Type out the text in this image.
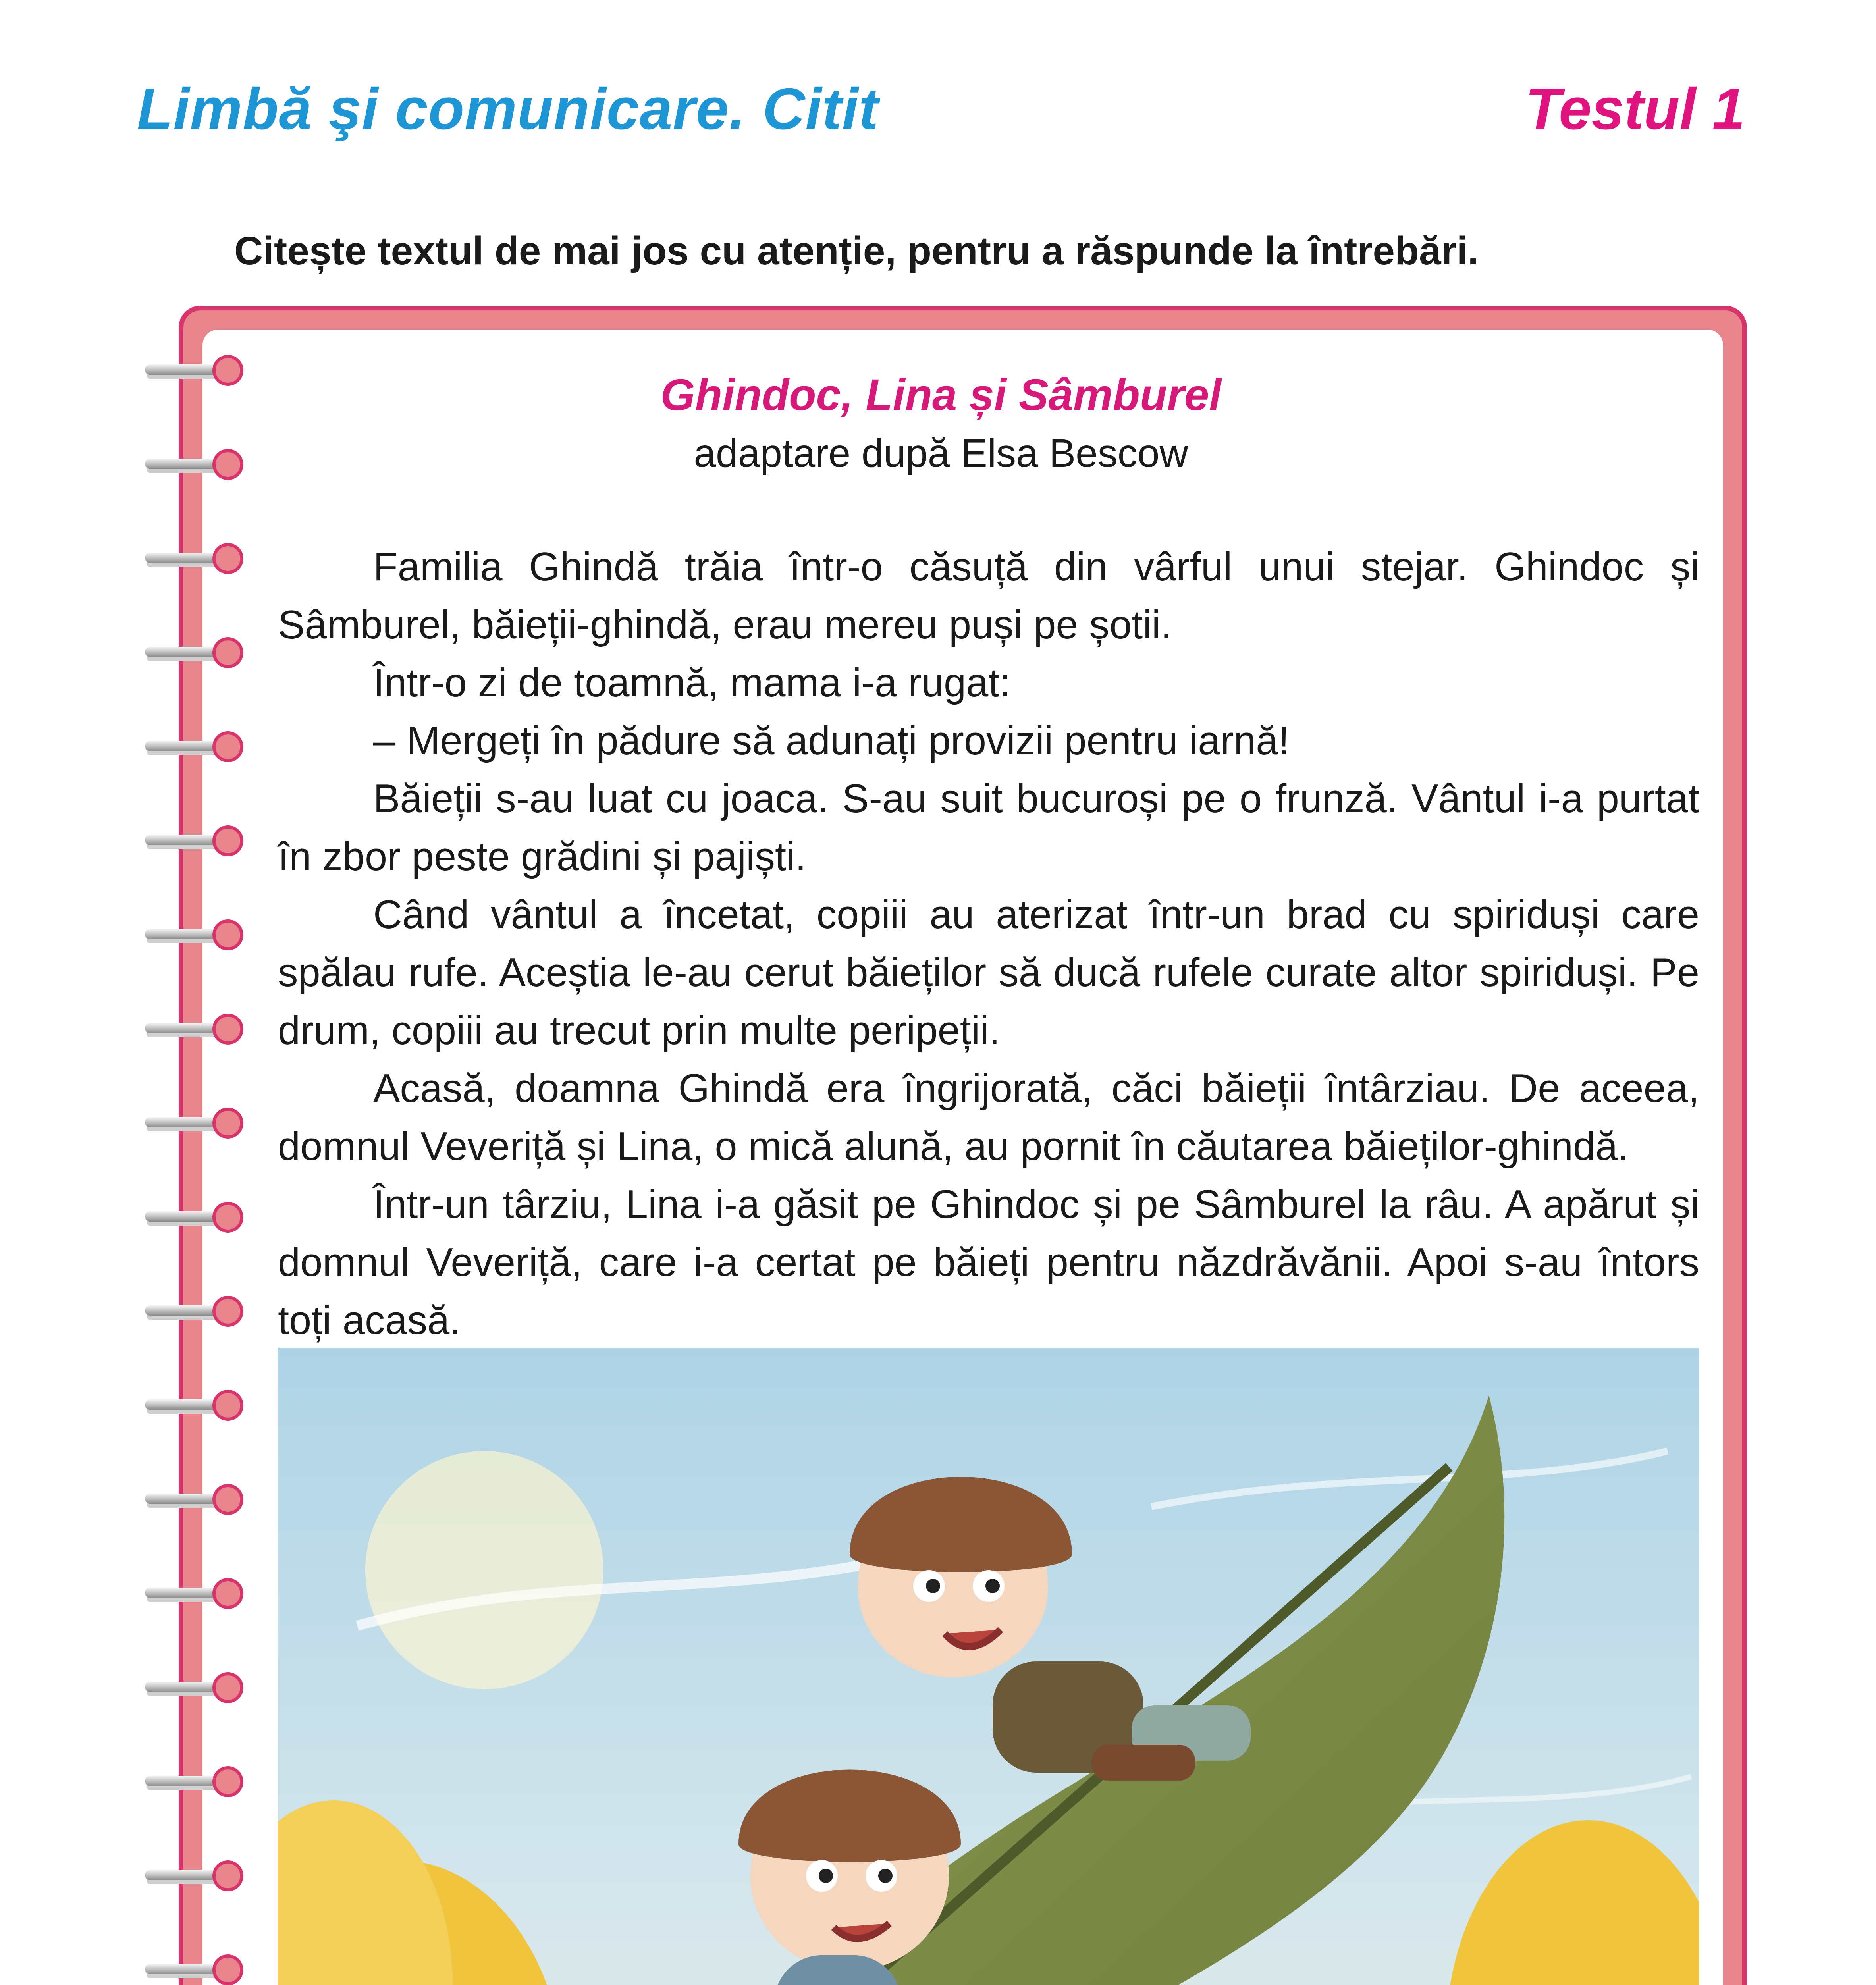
Limbă şi comunicare. Citit	Testul 1
Citește textul de mai jos cu atenție, pentru a răspunde la întrebări.
Ghindoc, Lina și Sâmburel
adaptare după Elsa Bescow

Familia Ghindă trăia într-o căsuță din vârful unui stejar. Ghindoc și Sâmburel, băieții-ghindă, erau mereu puși pe șotii.

Într-o zi de toamnă, mama i-a rugat:

– Mergeți în pădure să adunați provizii pentru iarnă!

Băieții s-au luat cu joaca. S-au suit bucuroși pe o frunză. Vântul i-a purtat în zbor peste grădini și pajiști.

Când vântul a încetat, copiii au aterizat într-un brad cu spiriduși care spălau rufe. Aceștia le-au cerut băieților să ducă rufele curate altor spiriduși. Pe drum, copiii au trecut prin multe peripeții.

Acasă, doamna Ghindă era îngrijorată, căci băieții întârziau. De aceea, domnul Veveriță și Lina, o mică alună, au pornit în căutarea băieților-ghindă.

Într-un târziu, Lina i-a găsit pe Ghindoc și pe Sâmburel la râu. A apărut și domnul Veveriță, care i-a certat pe băieți pentru năzdrăvănii. Apoi s-au întors toți acasă.
